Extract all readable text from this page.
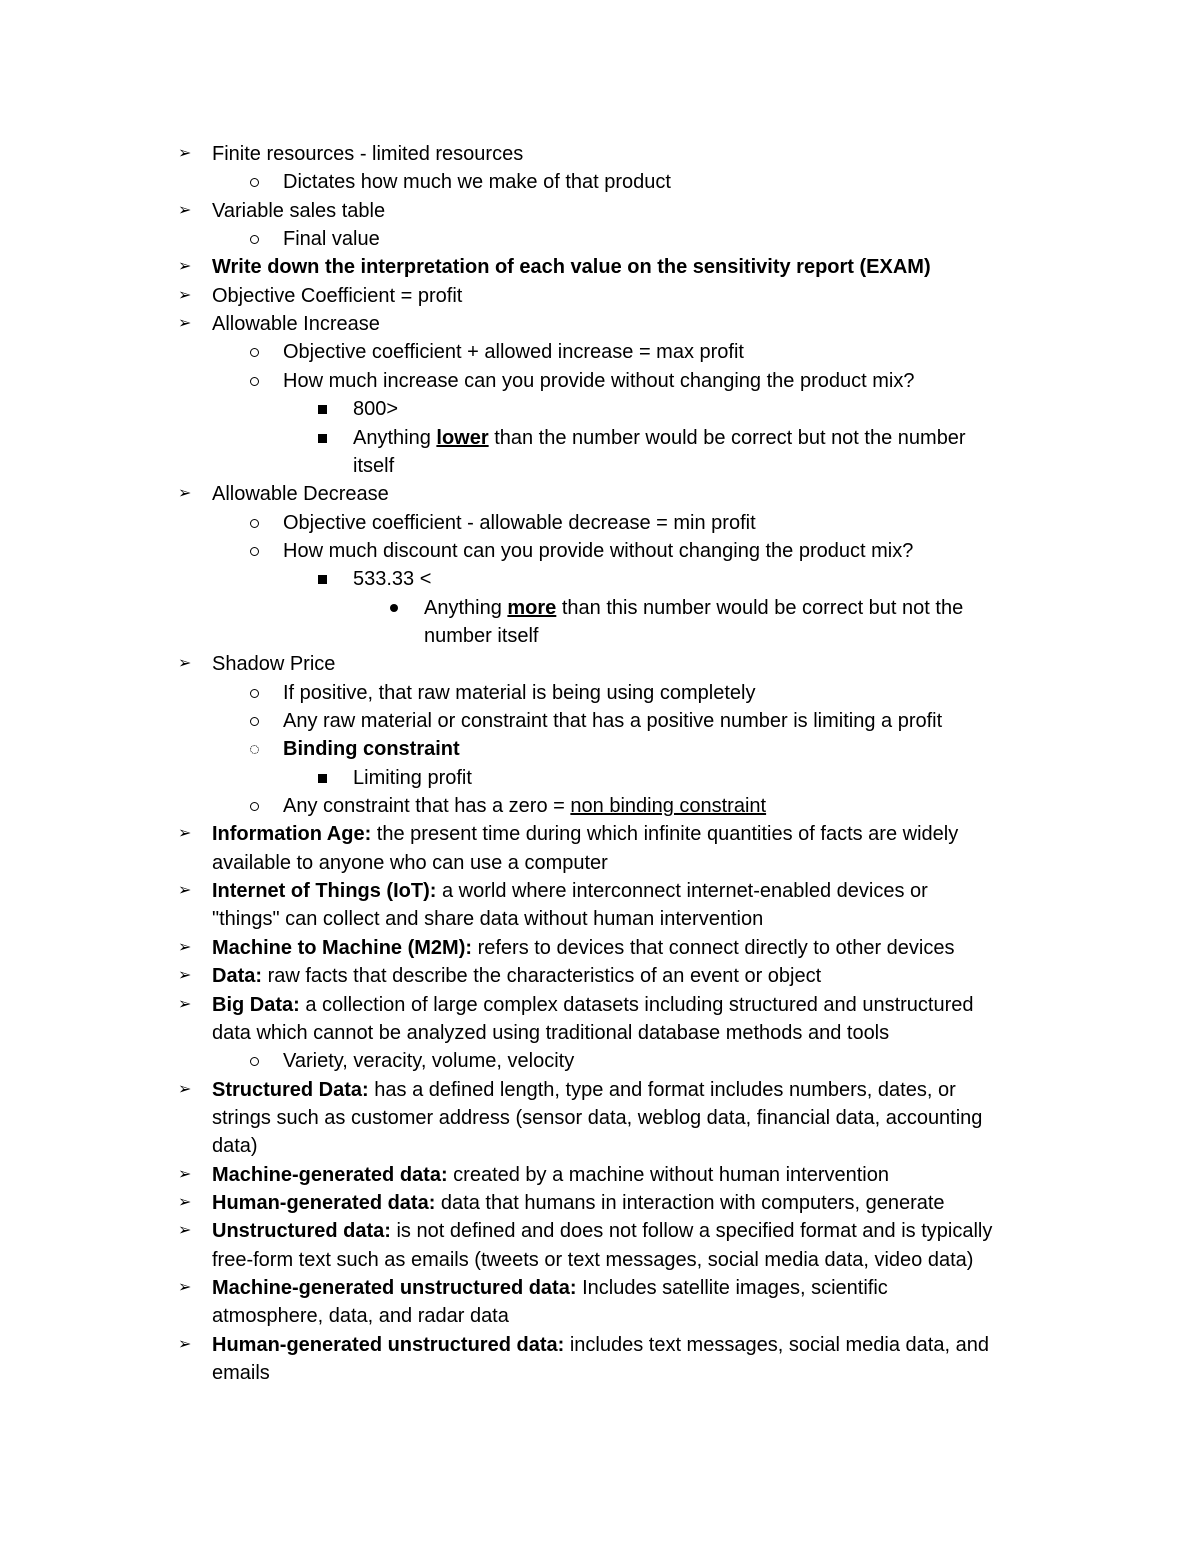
➢ Finite resources - limited resources
Dictates how much we make of that product
➢ Variable sales table
Final value
➢ Write down the interpretation of each value on the sensitivity report (EXAM)
➢ Objective Coefficient = profit
➢ Allowable Increase
Objective coefficient + allowed increase = max profit
How much increase can you provide without changing the product mix?
800>
Anything lower than the number would be correct but not the number
itself
➢ Allowable Decrease
Objective coefficient - allowable decrease = min profit
How much discount can you provide without changing the product mix?
533.33 <
Anything more than this number would be correct but not the
number itself
➢ Shadow Price
If positive, that raw material is being using completely
Any raw material or constraint that has a positive number is limiting a profit
Binding constraint
Limiting profit
Any constraint that has a zero = non binding constraint
➢ Information Age: the present time during which infinite quantities of facts are widely
available to anyone who can use a computer
➢ Internet of Things (IoT): a world where interconnect internet-enabled devices or
"things" can collect and share data without human intervention
➢ Machine to Machine (M2M): refers to devices that connect directly to other devices
➢ Data: raw facts that describe the characteristics of an event or object
➢ Big Data: a collection of large complex datasets including structured and unstructured
data which cannot be analyzed using traditional database methods and tools
Variety, veracity, volume, velocity
➢ Structured Data: has a defined length, type and format includes numbers, dates, or
strings such as customer address (sensor data, weblog data, financial data, accounting
data)
➢ Machine-generated data: created by a machine without human intervention
➢ Human-generated data: data that humans in interaction with computers, generate
➢ Unstructured data: is not defined and does not follow a specified format and is typically
free-form text such as emails (tweets or text messages, social media data, video data)
➢ Machine-generated unstructured data: Includes satellite images, scientific
atmosphere, data, and radar data
➢ Human-generated unstructured data: includes text messages, social media data, and
emails
